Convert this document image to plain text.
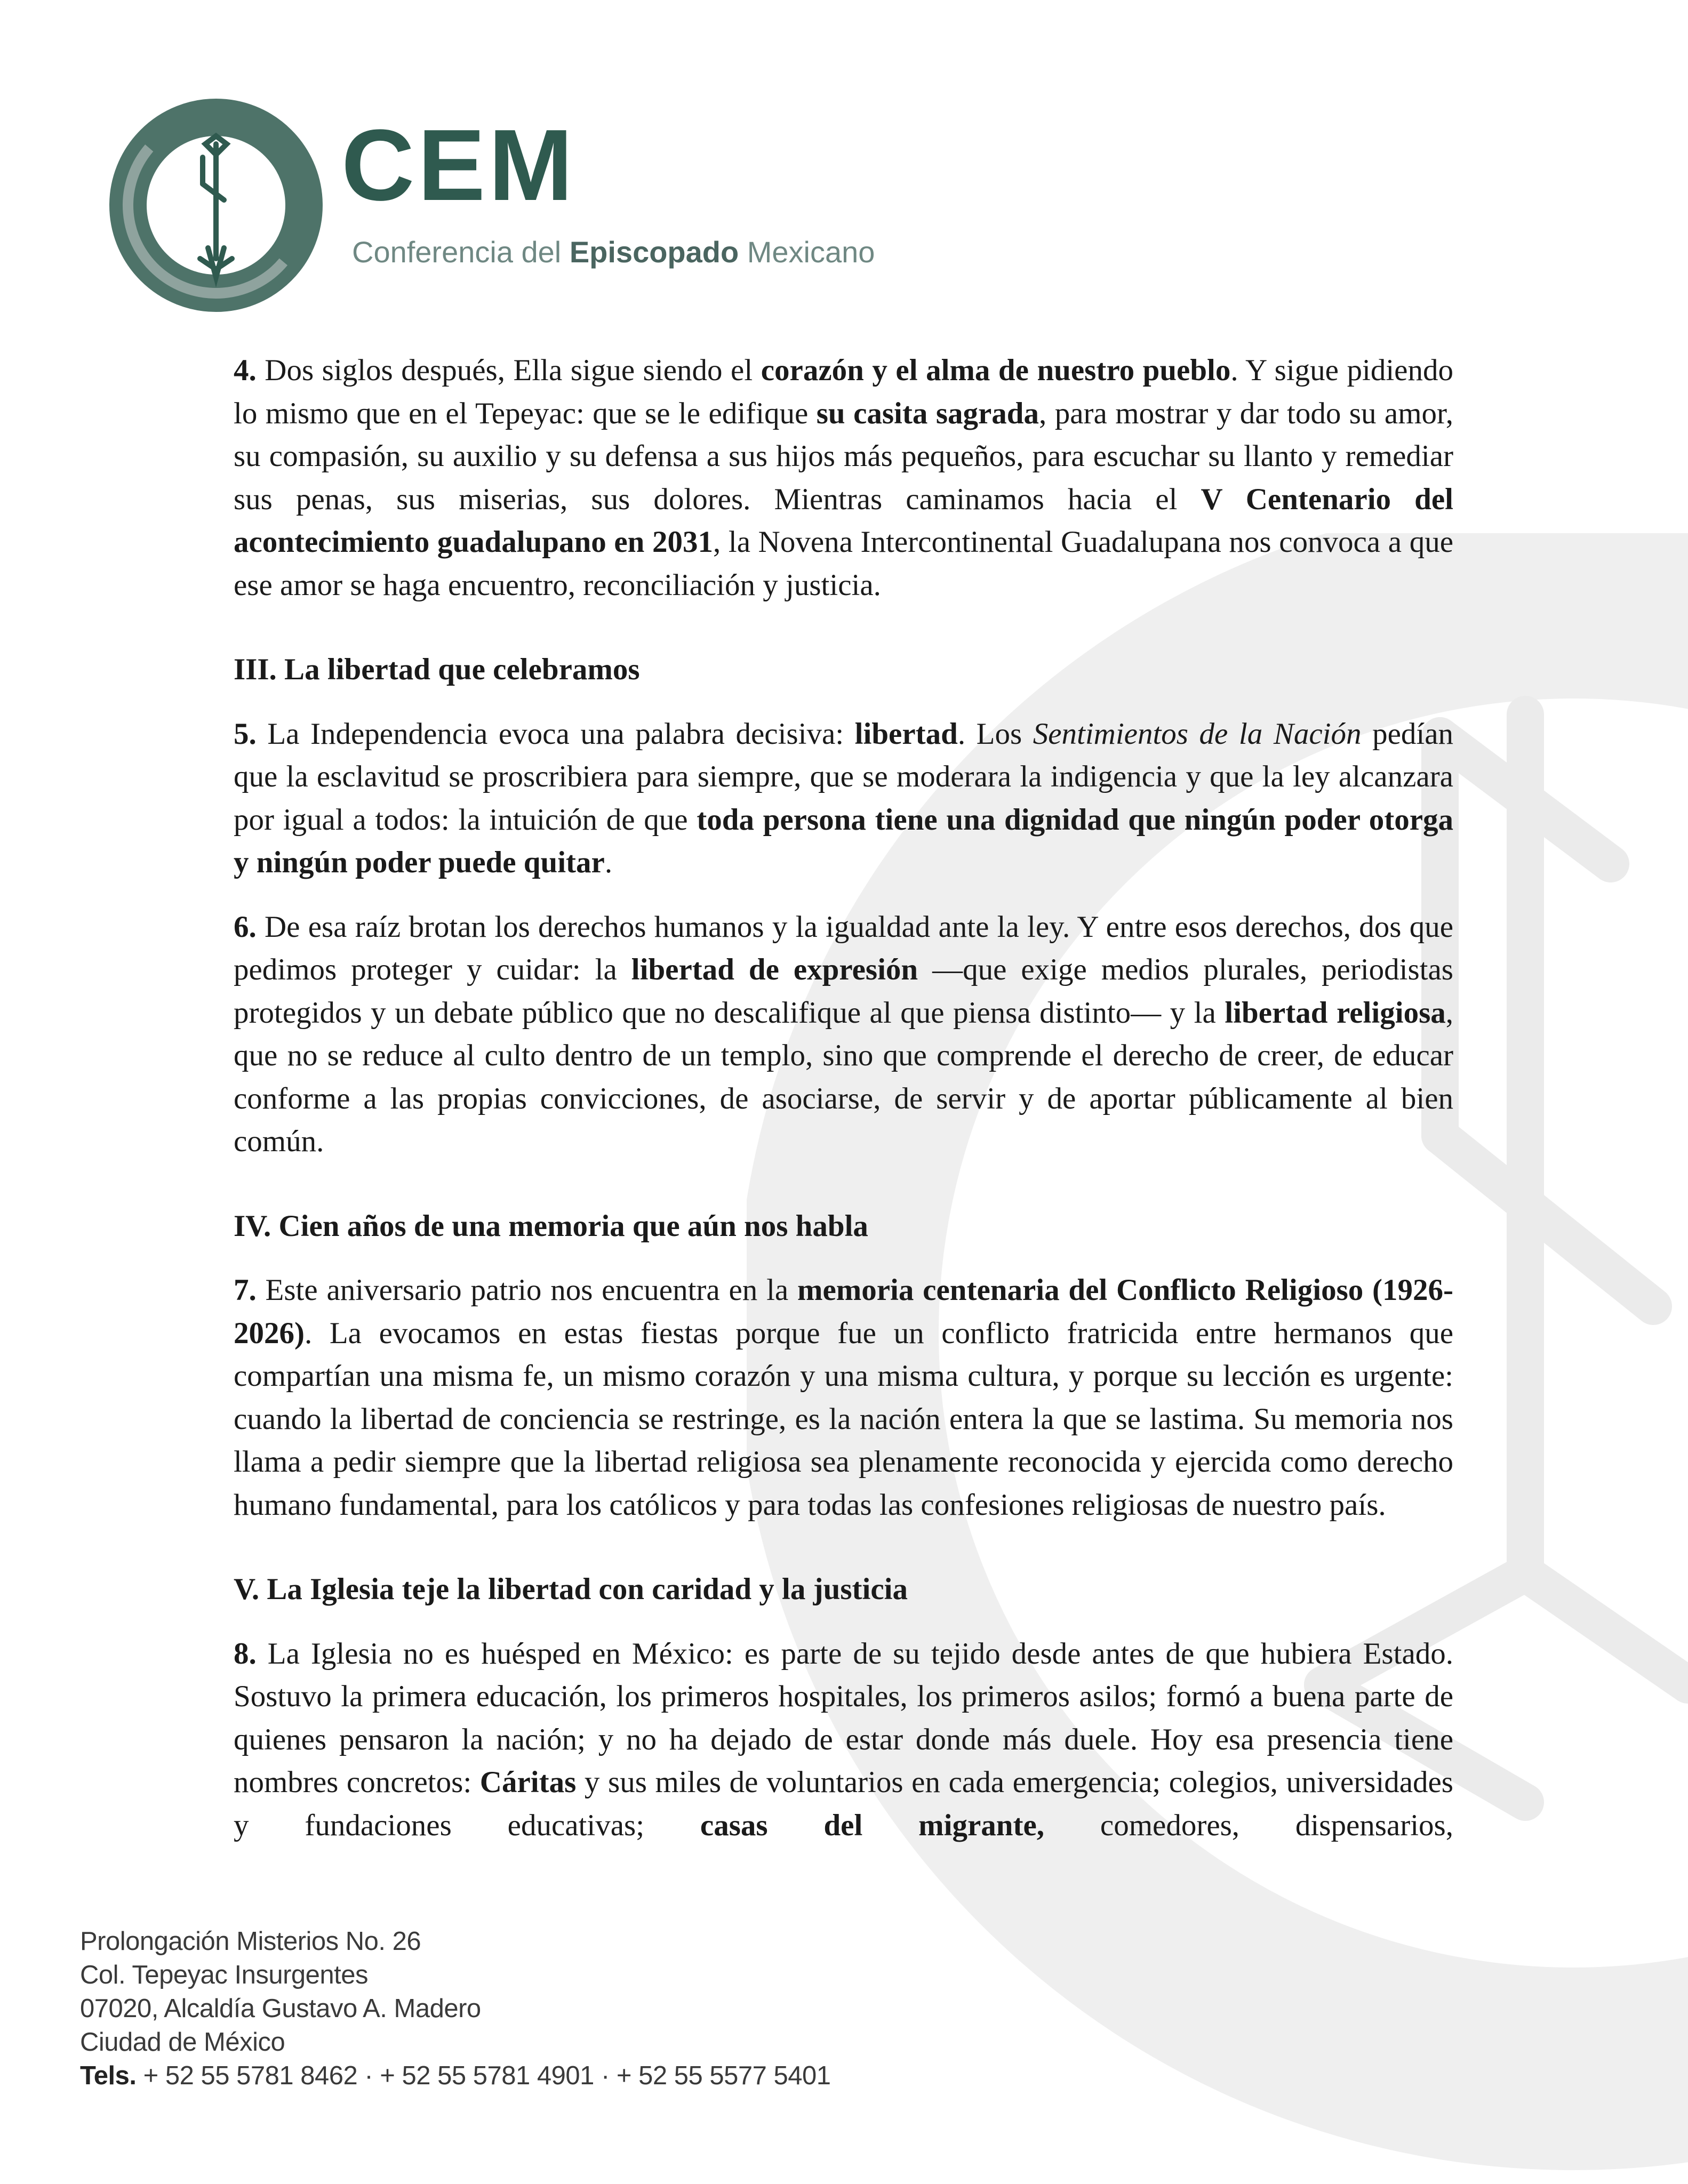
CEM
Conferencia del Episcopado Mexicano

4. Dos siglos después, Ella sigue siendo el corazón y el alma de nuestro pueblo. Y sigue pidiendo lo mismo que en el Tepeyac: que se le edifique su casita sagrada, para mostrar y dar todo su amor, su compasión, su auxilio y su defensa a sus hijos más pequeños, para escuchar su llanto y remediar sus penas, sus miserias, sus dolores. Mientras caminamos hacia el V Centenario del acontecimiento guadalupano en 2031, la Novena Intercontinental Guadalupana nos convoca a que ese amor se haga encuentro, reconciliación y justicia.

III. La libertad que celebramos

5. La Independencia evoca una palabra decisiva: libertad. Los Sentimientos de la Nación pedían que la esclavitud se proscribiera para siempre, que se moderara la indigencia y que la ley alcanzara por igual a todos: la intuición de que toda persona tiene una dignidad que ningún poder otorga y ningún poder puede quitar.

6. De esa raíz brotan los derechos humanos y la igualdad ante la ley. Y entre esos derechos, dos que pedimos proteger y cuidar: la libertad de expresión —que exige medios plurales, periodistas protegidos y un debate público que no descalifique al que piensa distinto— y la libertad religiosa, que no se reduce al culto dentro de un templo, sino que comprende el derecho de creer, de educar conforme a las propias convicciones, de asociarse, de servir y de aportar públicamente al bien común.

IV. Cien años de una memoria que aún nos habla

7. Este aniversario patrio nos encuentra en la memoria centenaria del Conflicto Religioso (1926-2026). La evocamos en estas fiestas porque fue un conflicto fratricida entre hermanos que compartían una misma fe, un mismo corazón y una misma cultura, y porque su lección es urgente: cuando la libertad de conciencia se restringe, es la nación entera la que se lastima. Su memoria nos llama a pedir siempre que la libertad religiosa sea plenamente reconocida y ejercida como derecho humano fundamental, para los católicos y para todas las confesiones religiosas de nuestro país.

V. La Iglesia teje la libertad con caridad y la justicia

8. La Iglesia no es huésped en México: es parte de su tejido desde antes de que hubiera Estado. Sostuvo la primera educación, los primeros hospitales, los primeros asilos; formó a buena parte de quienes pensaron la nación; y no ha dejado de estar donde más duele. Hoy esa presencia tiene nombres concretos: Cáritas y sus miles de voluntarios en cada emergencia; colegios, universidades y fundaciones educativas; casas del migrante, comedores, dispensarios,

Prolongación Misterios No. 26
Col. Tepeyac Insurgentes
07020, Alcaldía Gustavo A. Madero
Ciudad de México
Tels. + 52 55 5781 8462 · + 52 55 5781 4901 · + 52 55 5577 5401
